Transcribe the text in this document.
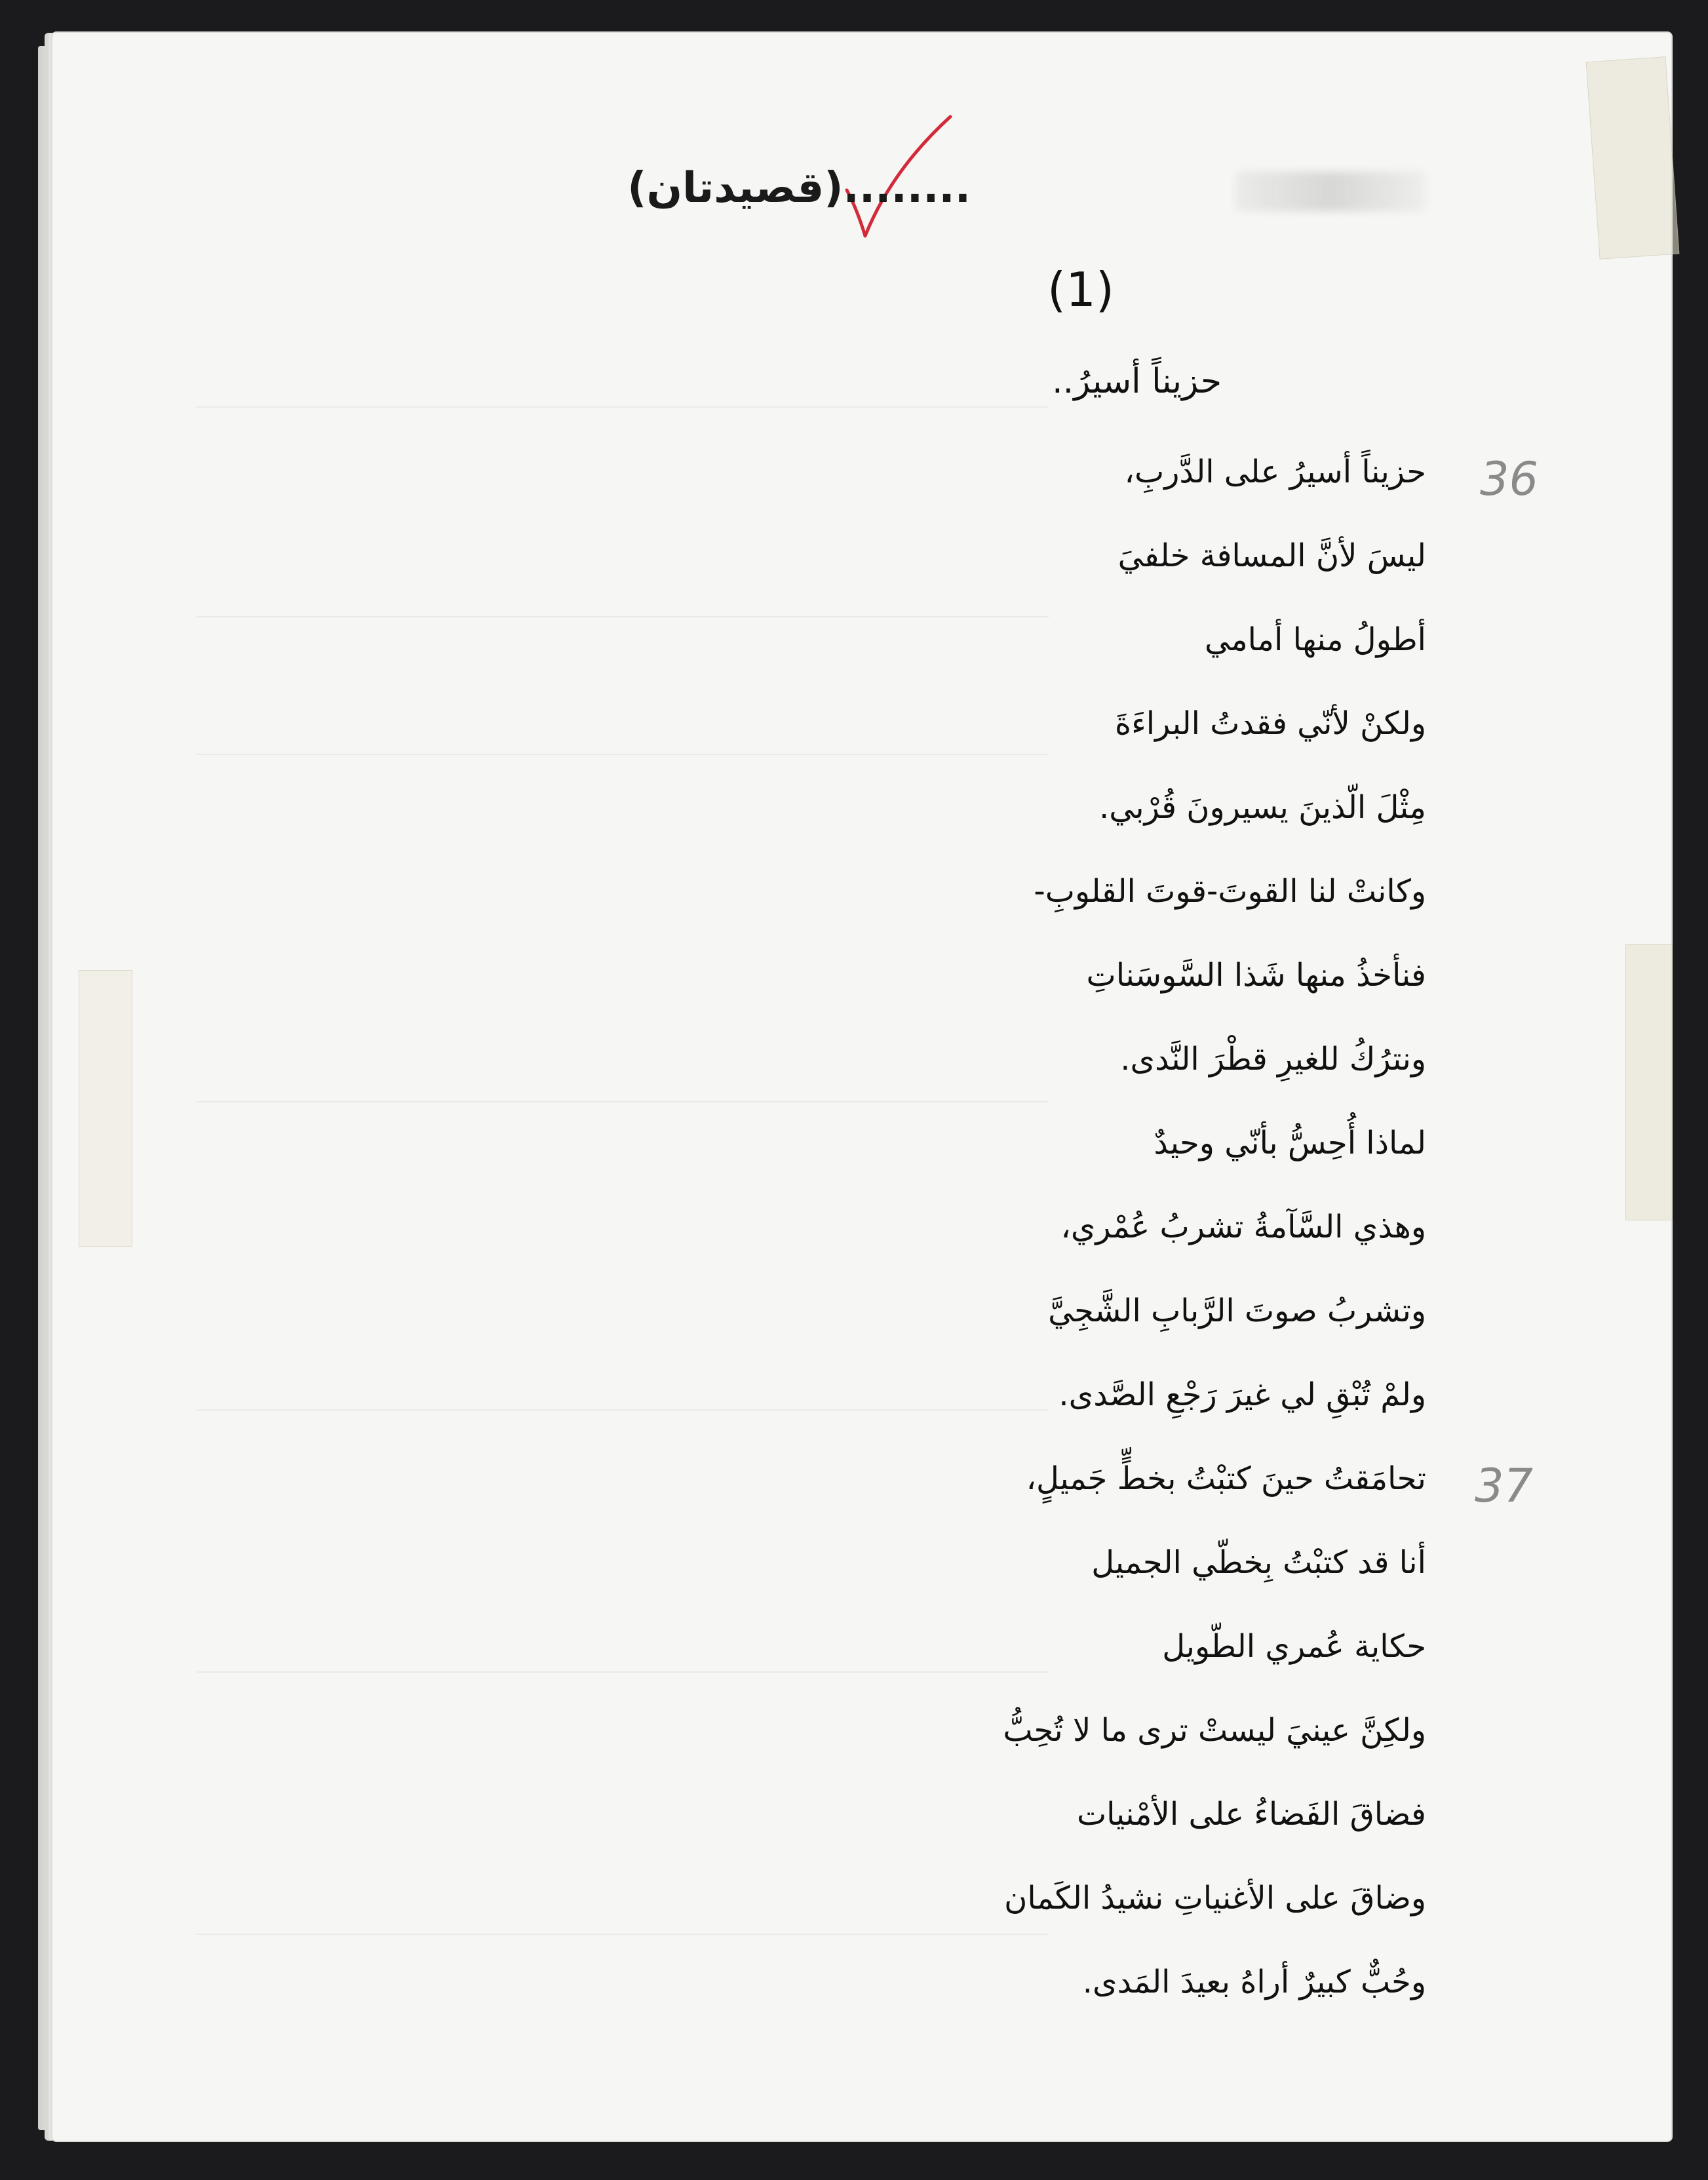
........(قصيدتان)
(1)
حزيناً أسيرُ..
حزيناً أسيرُ على الدَّربِ،
ليسَ لأنَّ المسافة خلفيَ
أطولُ منها أمامي
ولكنْ لأنّي فقدتُ البراءَةَ
مِثْلَ الّذينَ يسيرونَ قُرْبي.
وكانتْ لنا القوتَ-قوتَ القلوبِ-
فنأخذُ منها شَذا السَّوسَناتِ
ونترُكُ للغيرِ قطْرَ النَّدى.
لماذا أُحِسُّ بأنّي وحيدٌ
وهذي السَّآمةُ تشربُ عُمْري،
وتشربُ صوتَ الرَّبابِ الشَّجِيَّ
ولمْ تُبْقِ لي غيرَ رَجْعِ الصَّدى.
تحامَقتُ حينَ كتبْتُ بخطٍّ جَميلٍ،
أنا قد كتبْتُ بِخطّي الجميل
حكاية عُمري الطّويل
ولكِنَّ عينيَ ليستْ ترى ما لا تُحِبُّ
فضاقَ الفَضاءُ على الأمْنيات
وضاقَ على الأغنياتِ نشيدُ الكَمان
وحُبٌّ كبيرٌ أراهُ بعيدَ المَدى.
36
37
